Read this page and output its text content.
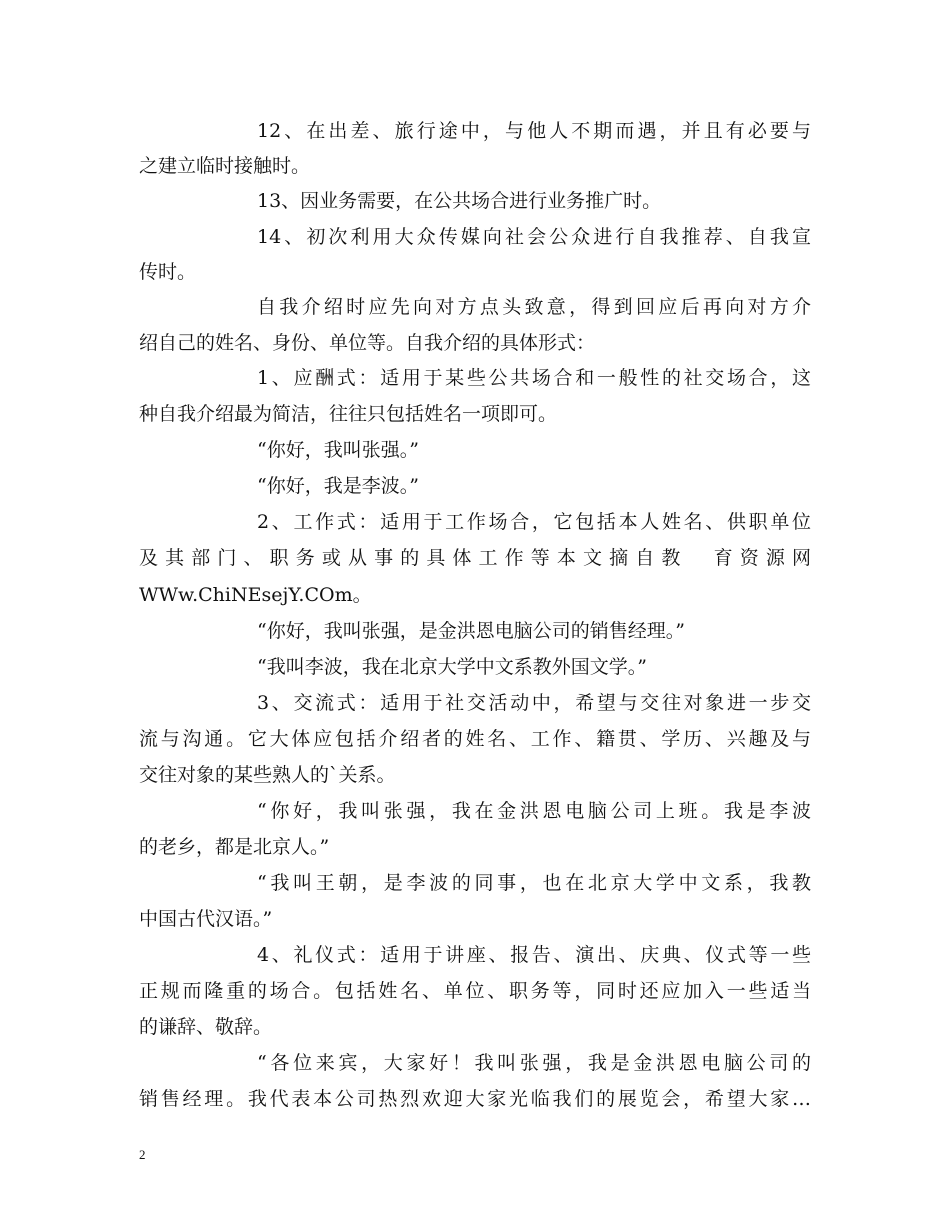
12、在出差、旅行途中，与他人不期而遇，并且有必要与
之建立临时接触时。
13、因业务需要，在公共场合进行业务推广时。
14、初次利用大众传媒向社会公众进行自我推荐、自我宣
传时。
自我介绍时应先向对方点头致意，得到回应后再向对方介
绍自己的姓名、身份、单位等。自我介绍的具体形式：
1、应酬式：适用于某些公共场合和一般性的社交场合，这
种自我介绍最为简洁，往往只包括姓名一项即可。
“你好，我叫张强。”
“你好，我是李波。”
2、工作式：适用于工作场合，它包括本人姓名、供职单位
及其部门、职务或从事的具体工作等本文摘自教　育资源网
WWw.ChiNEsejY.COm。
“你好，我叫张强，是金洪恩电脑公司的销售经理。”
“我叫李波，我在北京大学中文系教外国文学。”
3、交流式：适用于社交活动中，希望与交往对象进一步交
流与沟通。它大体应包括介绍者的姓名、工作、籍贯、学历、兴趣及与
交往对象的某些熟人的`关系。
“你好，我叫张强，我在金洪恩电脑公司上班。我是李波
的老乡，都是北京人。”
“我叫王朝，是李波的同事，也在北京大学中文系，我教
中国古代汉语。”
4、礼仪式：适用于讲座、报告、演出、庆典、仪式等一些
正规而隆重的场合。包括姓名、单位、职务等，同时还应加入一些适当
的谦辞、敬辞。
“各位来宾，大家好！我叫张强，我是金洪恩电脑公司的
销售经理。我代表本公司热烈欢迎大家光临我们的展览会，希望大家…
2
